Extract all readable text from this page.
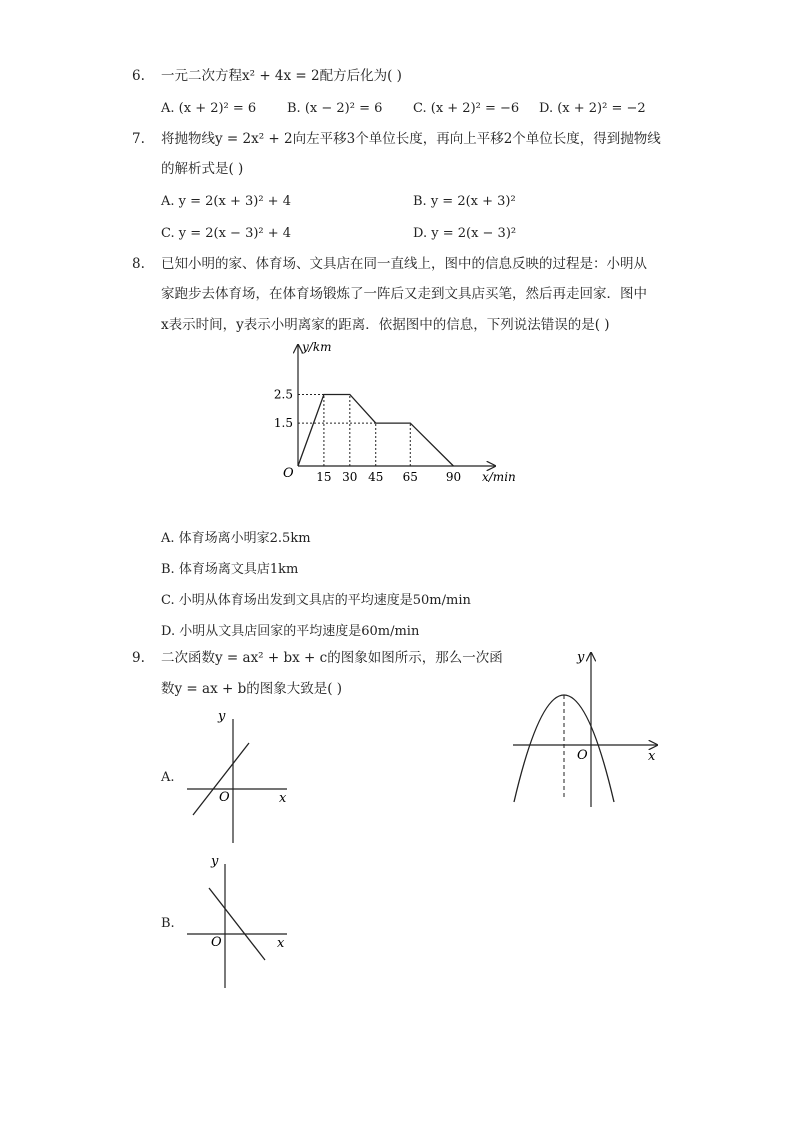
6. 一元二次方程x² + 4x = 2配方后化为( )
A. (x + 2)² = 6 B. (x − 2)² = 6 C. (x + 2)² = −6 D. (x + 2)² = −2
7. 将抛物线y = 2x² + 2向左平移3个单位长度，再向上平移2个单位长度，得到抛物线
的解析式是( )
A. y = 2(x + 3)² + 4	B. y = 2(x + 3)²
C. y = 2(x − 3)² + 4	D. y = 2(x − 3)²
8. 已知小明的家、体育场、文具店在同一直线上，图中的信息反映的过程是：小明从
家跑步去体育场，在体育场锻炼了一阵后又走到文具店买笔，然后再走回家．图中
x表示时间，y表示小明离家的距离．依据图中的信息，下列说法错误的是( )
15 30 45 65 90
2.5
1.5
y/km
x/min
O
A. 体育场离小明家2.5km
B. 体育场离文具店1km
C. 小明从体育场出发到文具店的平均速度是50m/min
D. 小明从文具店回家的平均速度是60m/min
9. 二次函数y = ax² + bx + c的图象如图所示，那么一次函
数y = ax + b的图象大致是( )
y
x
O
A.
y
x
O
B.
y
x
O
